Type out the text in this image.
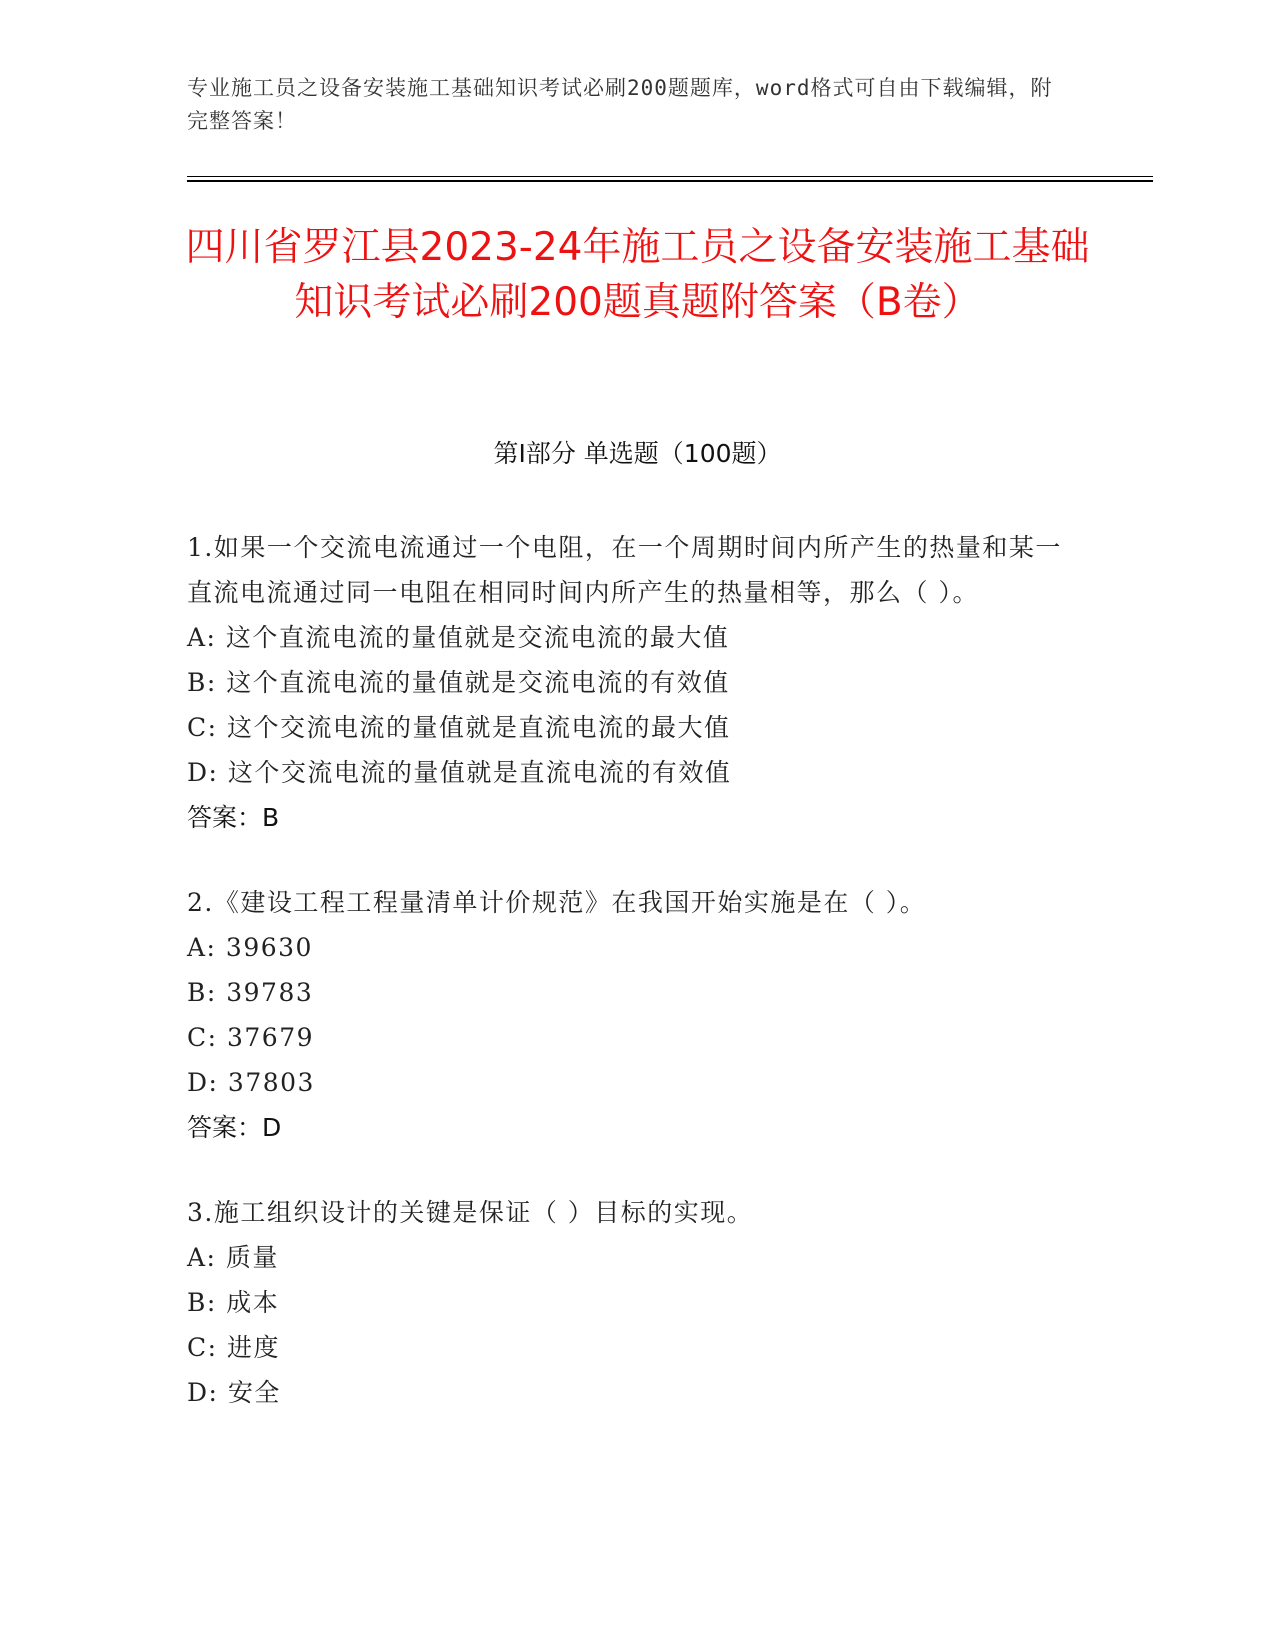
专业施工员之设备安装施工基础知识考试必刷200题题库，word格式可自由下载编辑，附完整答案！
四川省罗江县2023-24年施工员之设备安装施工基础知识考试必刷200题真题附答案（B卷）
第Ⅰ部分 单选题（100题）

1.如果一个交流电流通过一个电阻，在一个周期时间内所产生的热量和某一直流电流通过同一电阻在相同时间内所产生的热量相等，那么（ ）。

A: 这个直流电流的量值就是交流电流的最大值

B: 这个直流电流的量值就是交流电流的有效值

C: 这个交流电流的量值就是直流电流的最大值

D: 这个交流电流的量值就是直流电流的有效值

答案：B

2.《建设工程工程量清单计价规范》在我国开始实施是在（ ）。

A: 39630

B: 39783

C: 37679

D: 37803

答案：D

3.施工组织设计的关键是保证（ ）目标的实现。

A: 质量

B: 成本

C: 进度

D: 安全
